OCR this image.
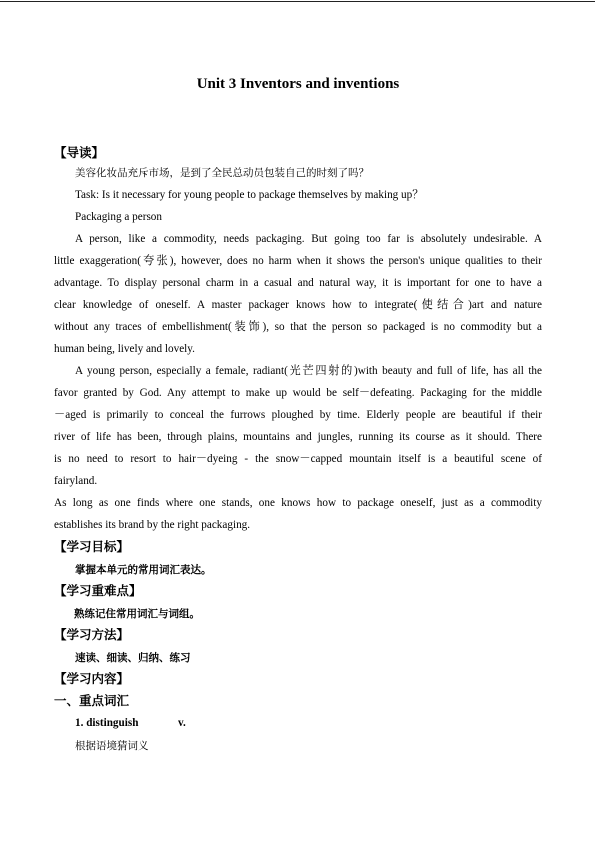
Unit 3 Inventors and inventions
【导读】
美容化妆品充斥市场，是到了全民总动员包装自己的时刻了吗？
Task: Is it necessary for young people to package themselves by making up？
Packaging a person
A person, like a commodity, needs packaging. But going too far is absolutely undesirable. A
little exaggeration(夸张), however, does no harm when it shows the person's unique qualities to their
advantage. To display personal charm in a casual and natural way, it is important for one to have a
clear knowledge of oneself. A master packager knows how to integrate(使结合)art and nature
without any traces of embellishment(装饰), so that the person so packaged is no commodity but a
human being, lively and lovely.
A young person, especially a female, radiant(光芒四射的)with beauty and full of life, has all the
favor granted by God. Any attempt to make up would be self－defeating. Packaging for the middle
－aged is primarily to conceal the furrows ploughed by time. Elderly people are beautiful if their
river of life has been, through plains, mountains and jungles, running its course as it should. There
is no need to resort to hair－dyeing - the snow－capped mountain itself is a beautiful scene of
fairyland.
As long as one finds where one stands, one knows how to package oneself, just as a commodity
establishes its brand by the right packaging.
【学习目标】
掌握本单元的常用词汇表达。
【学习重难点】
熟练记住常用词汇与词组。
【学习方法】
速读、细读、归纳、练习
【学习内容】
一、重点词汇
1. distinguish	v.
根据语境猜词义
